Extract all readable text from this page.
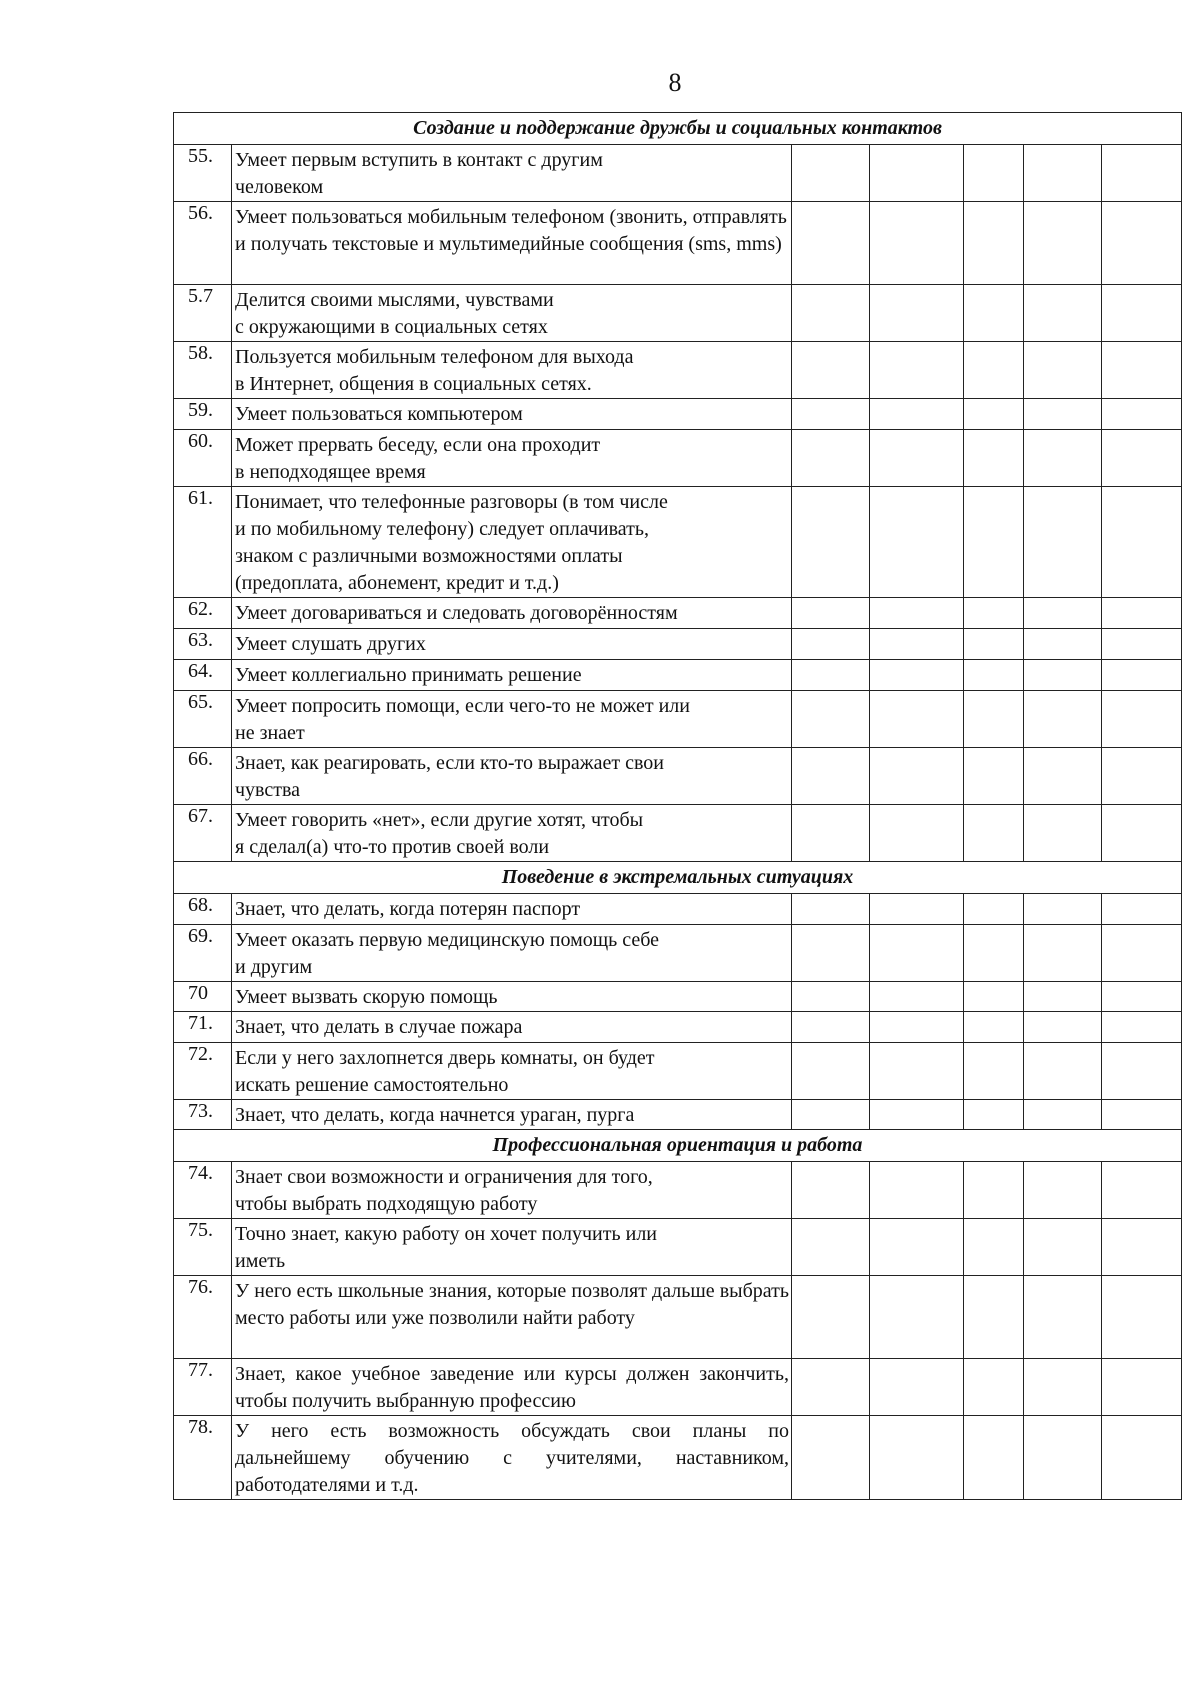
8
Создание и поддержание дружбы и социальных контактов						
55.	Умеет первым вступить в контакт с другим
человеком					
56.	Умеет пользоваться мобильным телефоном (звонить, отправлять и получать текстовые и мультимедийные сообщения (sms, mms)					
5.7	Делится своими мыслями, чувствами
с окружающими в социальных сетях					
58.	Пользуется мобильным телефоном для выхода
в Интернет, общения в социальных сетях.					
59.	Умеет пользоваться компьютером					
60.	Может прервать беседу, если она проходит
в неподходящее время					
61.	Понимает, что телефонные разговоры (в том числе
и по мобильному телефону) следует оплачивать,
знаком с различными возможностями оплаты
(предоплата, абонемент, кредит и т.д.)					
62.	Умеет договариваться и следовать договорённостям					
63.	Умеет слушать других					
64.	Умеет коллегиально принимать решение					
65.	Умеет попросить помощи, если чего-то не может или
не знает					
66.	Знает, как реагировать, если кто-то выражает свои
чувства					
67.	Умеет говорить «нет», если другие хотят, чтобы
я сделал(а) что-то против своей воли					
Поведение в экстремальных ситуациях						
68.	Знает, что делать, когда потерян паспорт					
69.	Умеет оказать первую медицинскую помощь себе
и другим					
70	Умеет вызвать скорую помощь					
71.	Знает, что делать в случае пожара					
72.	Если у него захлопнется дверь комнаты, он будет
искать решение самостоятельно					
73.	Знает, что делать, когда начнется ураган, пурга					
Профессиональная ориентация и работа						
74.	Знает свои возможности и ограничения для того,
чтобы выбрать подходящую работу					
75.	Точно знает, какую работу он хочет получить или
иметь					
76.	У него есть школьные знания, которые позволят дальше выбрать место работы или уже позволили найти работу					
77.	Знает, какое учебное заведение или курсы должен закончить, чтобы получить выбранную профессию					
78.	У него есть возможность обсуждать свои планы по дальнейшему обучению с учителями, наставником, работодателями и т.д.					
